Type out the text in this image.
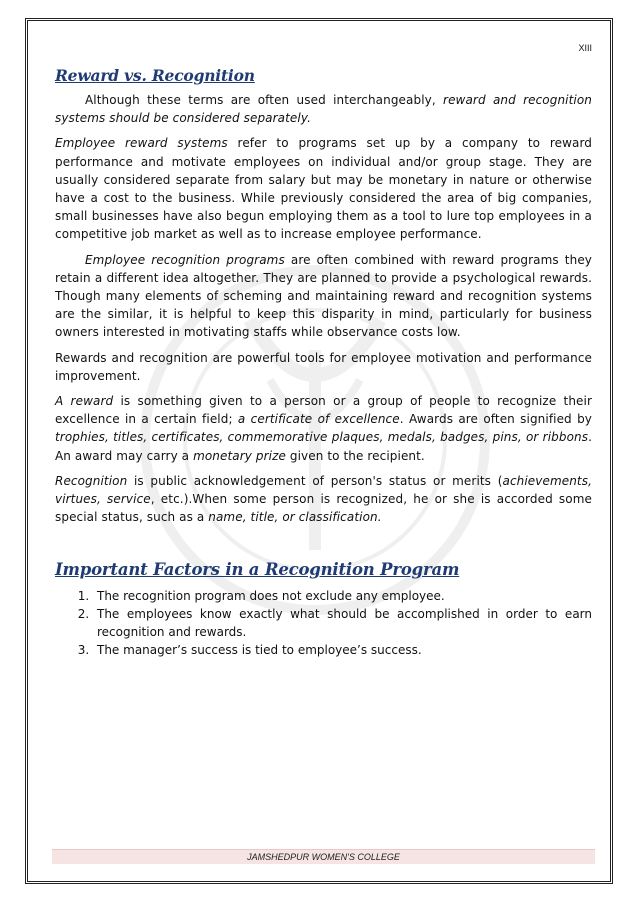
XIII
Reward vs. Recognition

Although these terms are often used interchangeably, reward and recognition systems should be considered separately.

Employee reward systems refer to programs set up by a company to reward performance and motivate employees on individual and/or group stage. They are usually considered separate from salary but may be monetary in nature or otherwise have a cost to the business. While previously considered the area of big companies, small businesses have also begun employing them as a tool to lure top employees in a competitive job market as well as to increase employee performance.

Employee recognition programs are often combined with reward programs they retain a different idea altogether. They are planned to provide a psychological rewards. Though many elements of scheming and maintaining reward and recognition systems are the similar, it is helpful to keep this disparity in mind, particularly for business owners interested in motivating staffs while observance costs low.

Rewards and recognition are powerful tools for employee motivation and performance improvement.

A reward is something given to a person or a group of people to recognize their excellence in a certain field; a certificate of excellence. Awards are often signified by trophies, titles, certificates, commemorative plaques, medals, badges, pins, or ribbons. An award may carry a monetary prize given to the recipient.

Recognition is public acknowledgement of person's status or merits (achievements, virtues, service, etc.).When some person is recognized, he or she is accorded some special status, such as a name, title, or classification.

Important Factors in a Recognition Program
1. The recognition program does not exclude any employee.
2. The employees know exactly what should be accomplished in order to earn recognition and rewards.
3. The manager’s success is tied to employee’s success.
JAMSHEDPUR WOMEN'S COLLEGE
